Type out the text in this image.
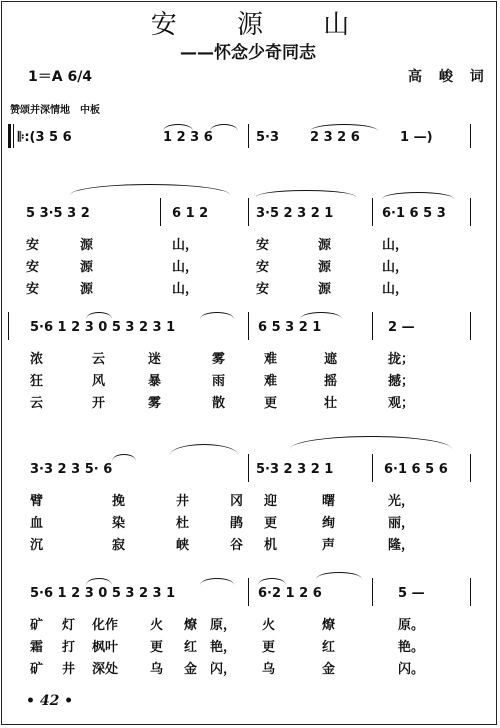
安 源 山
——怀念少奇同志
1＝A 6/4	高 峻 词
赞颂并深情地　中板
𝄆:(3 5 6	1 2 3 6	5·3 2 3 2 6	1 —)
5 3·5 3 2	6 1 2	3·5 2 3 2 1	6·1 6 5 3
安	源	山，	安	源	山，
安	源	山，	安	源	山，
安	源	山，	安	源	山，
5·6 1 2 3 0 5 3 2 3 1	6 5 3 2 1	2 —
浓	云	迷	雾	难	遮	拢；
狂	风	暴	雨	难	摇	撼；
云	开	雾	散	更	壮	观；
3·3 2 3 5· 6	5·3 2 3 2 1	6·1 6 5 6
臂	挽	井	冈 迎	曙	光，
血	染	杜	鹃 更	绚	丽，
沉	寂	峡	谷 机	声	隆，
5·6 1 2 3 0 5 3 2 3 1	6·2 1 2 6	5 —
矿 灯 化作 火 燎 原， 火	燎	原。
霜 打 枫叶 更 红 艳， 更	红	艳。
矿 井 深处 乌 金 闪， 乌	金	闪。
• 42 •
